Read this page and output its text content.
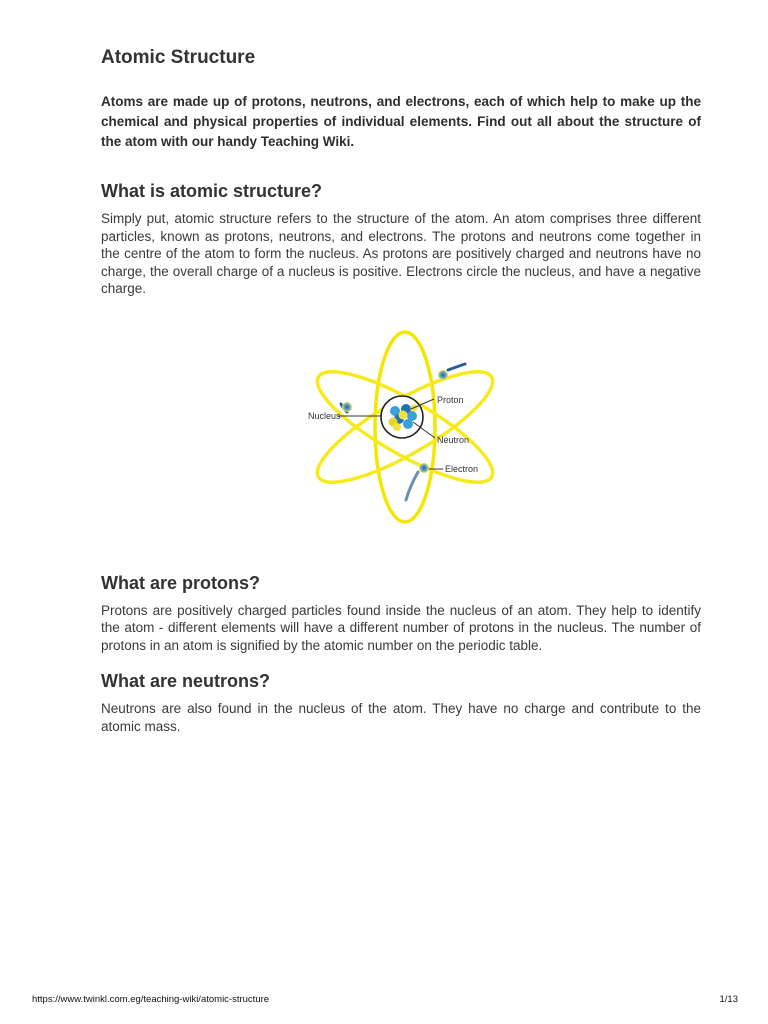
Atomic Structure

Atoms are made up of protons, neutrons, and electrons, each of which help to make up the chemical and physical properties of individual elements. Find out all about the structure of the atom with our handy Teaching Wiki.

What is atomic structure?

Simply put, atomic structure refers to the structure of the atom. An atom comprises three different particles, known as protons, neutrons, and electrons. The protons and neutrons come together in the centre of the atom to form the nucleus. As protons are positively charged and neutrons have no charge, the overall charge of a nucleus is positive. Electrons circle the nucleus, and have a negative charge.

Nucleus
Proton
Neutron
Electron
What are protons?

Protons are positively charged particles found inside the nucleus of an atom. They help to identify the atom - different elements will have a different number of protons in the nucleus. The number of protons in an atom is signified by the atomic number on the periodic table.

What are neutrons?

Neutrons are also found in the nucleus of the atom. They have no charge and contribute to the atomic mass.

https://www.twinkl.com.eg/teaching-wiki/atomic-structure	1/13
